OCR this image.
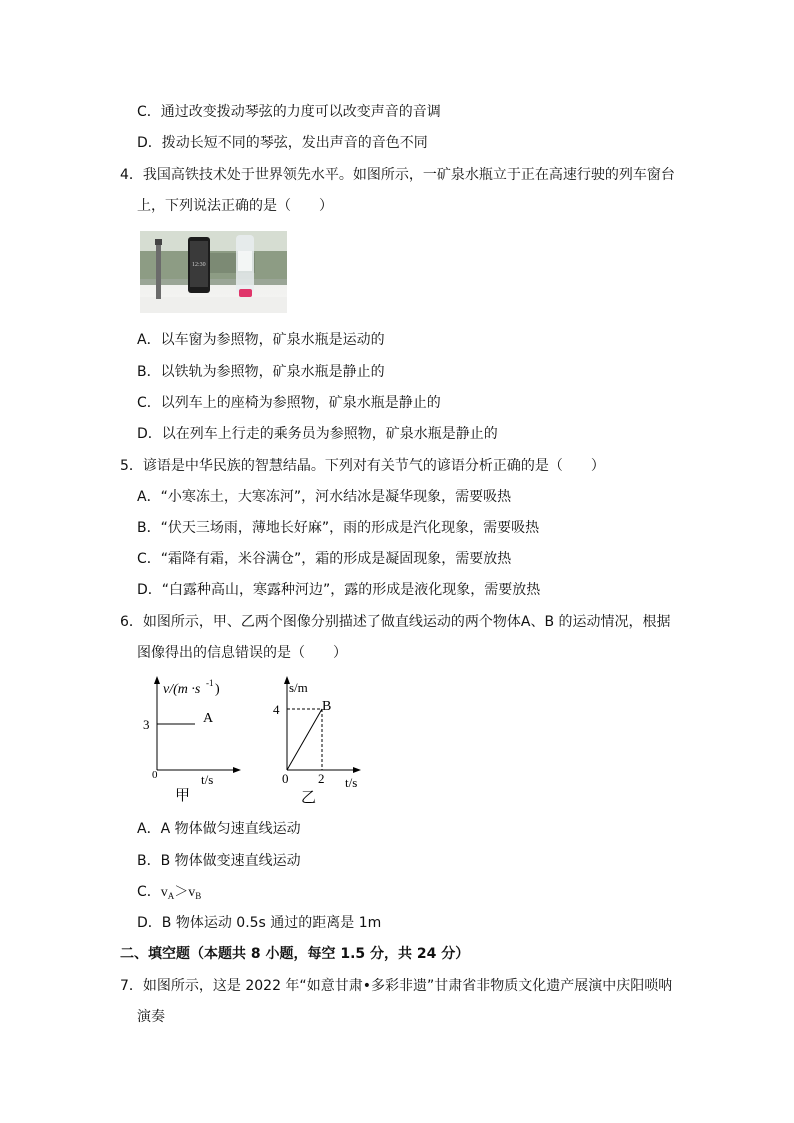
C．通过改变拨动琴弦的力度可以改变声音的音调
D．拨动长短不同的琴弦，发出声音的音色不同
4．我国高铁技术处于世界领先水平。如图所示，一矿泉水瓶立于正在高速行驶的列车窗台
上，下列说法正确的是（　　）
12:30
A．以车窗为参照物，矿泉水瓶是运动的
B．以铁轨为参照物，矿泉水瓶是静止的
C．以列车上的座椅为参照物，矿泉水瓶是静止的
D．以在列车上行走的乘务员为参照物，矿泉水瓶是静止的
5．谚语是中华民族的智慧结晶。下列对有关节气的谚语分析正确的是（　　）
A．“小寒冻土，大寒冻河”，河水结冰是凝华现象，需要吸热
B．“伏天三场雨，薄地长好麻”，雨的形成是汽化现象，需要吸热
C．“霜降有霜，米谷满仓”，霜的形成是凝固现象，需要放热
D．“白露种高山，寒露种河边”，露的形成是液化现象，需要放热
6．如图所示，甲、乙两个图像分别描述了做直线运动的两个物体A、B 的运动情况，根据
图像得出的信息错误的是（　　）
v/(m ·s -1 )
3	A
0	t/s
甲
s/m
4	B
0 2 t/s
乙
A．A 物体做匀速直线运动
B．B 物体做变速直线运动
C．$v_A>v_B$
D．B 物体运动 0.5s 通过的距离是 1m
二、填空题（本题共 8 小题，每空 1.5 分，共 24 分）
7．如图所示，这是 2022 年“如意甘肃•多彩非遗”甘肃省非物质文化遗产展演中庆阳唢呐
演奏
